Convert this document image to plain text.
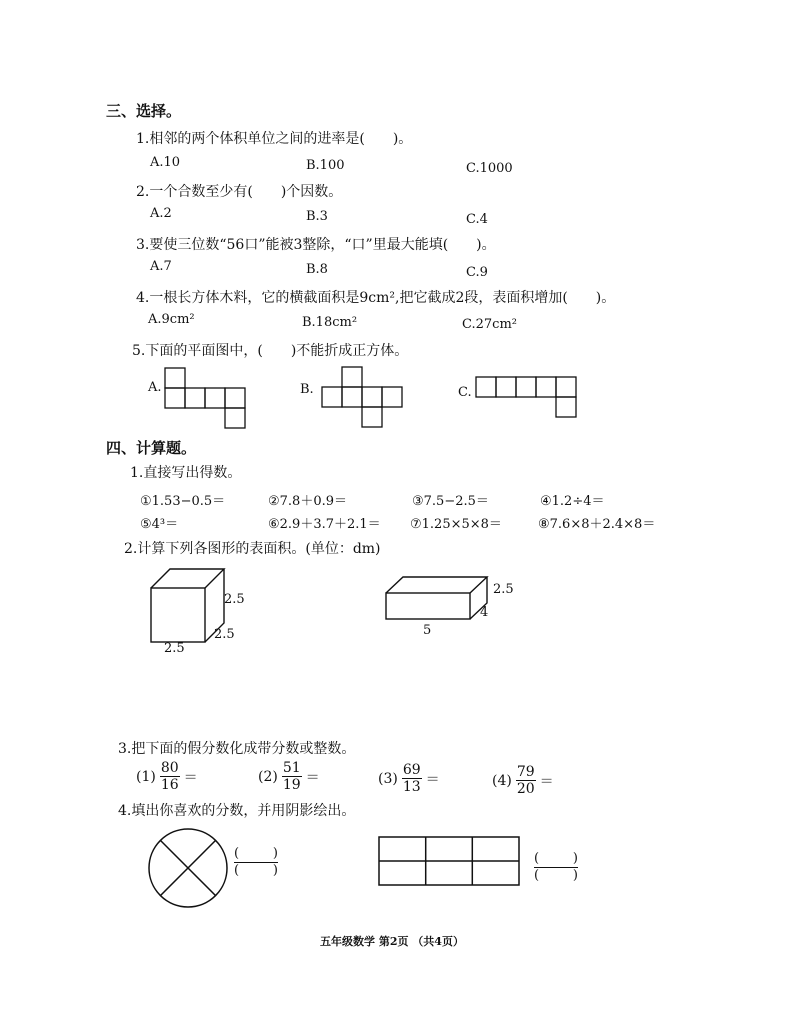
三、选择。
1.相邻的两个体积单位之间的进率是(　　)。
A.10	B.100	C.1000
2.一个合数至少有(　　)个因数。
A.2	B.3	C.4
3.要使三位数“56口”能被3整除，“口”里最大能填(　　)。
A.7	B.8	C.9
4.一根长方体木料，它的横截面积是9cm²,把它截成2段，表面积增加(　　)。
A.9cm²	B.18cm²	C.27cm²
5.下面的平面图中，(　　)不能折成正方体。
A.	B.	C.
四、计算题。
1.直接写出得数。
①1.53−0.5＝	②7.8＋0.9＝	③7.5−2.5＝	④1.2÷4＝
⑤4³＝	⑥2.9＋3.7＋2.1＝ ⑦1.25×5×8＝	⑧7.6×8＋2.4×8＝
2.计算下列各图形的表面积。(单位：dm)
2.5
2.5
2.5
2.5
4
5
3.把下面的假分数化成带分数或整数。
$(1) \frac{80}{16}$ ＝	$(2) \frac{51}{19}$ ＝	$(3) \frac{69}{13}$ ＝	$(4) \frac{79}{20}$ ＝
4.填出你喜欢的分数，并用阴影绘出。
(	)
(	)
(	)
(	)
五年级数学 第2页 （共4页）
